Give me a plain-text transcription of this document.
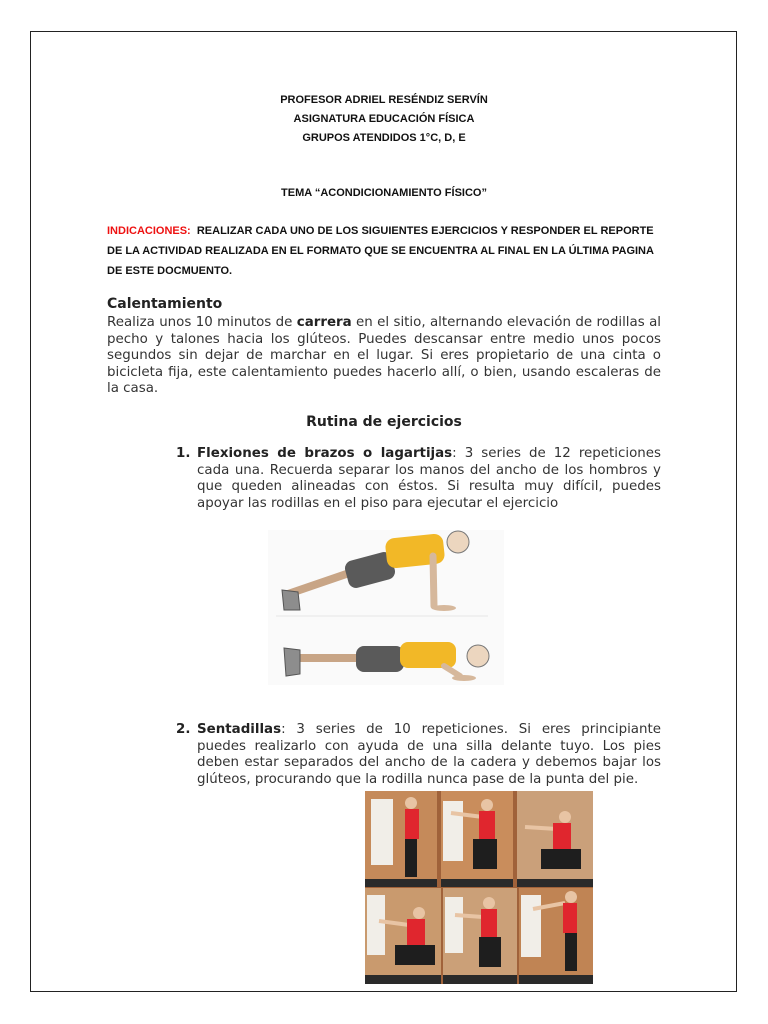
PROFESOR ADRIEL RESÉNDIZ SERVÍN
ASIGNATURA EDUCACIÓN FÍSICA
GRUPOS ATENDIDOS 1°C, D, E
TEMA “ACONDICIONAMIENTO FÍSICO”
INDICACIONES: REALIZAR CADA UNO DE LOS SIGUIENTES EJERCICIOS Y RESPONDER EL REPORTE DE LA ACTIVIDAD REALIZADA EN EL FORMATO QUE SE ENCUENTRA AL FINAL EN LA ÚLTIMA PAGINA DE ESTE DOCMUENTO.
Calentamiento
Realiza unos 10 minutos de carrera en el sitio, alternando elevación de rodillas al pecho y talones hacia los glúteos. Puedes descansar entre medio unos pocos segundos sin dejar de marchar en el lugar. Si eres propietario de una cinta o bicicleta fija, este calentamiento puedes hacerlo allí, o bien, usando escaleras de la casa.
Rutina de ejercicios
1. Flexiones de brazos o lagartijas: 3 series de 12 repeticiones cada una. Recuerda separar los manos del ancho de los hombros y que queden alineadas con éstos. Si resulta muy difícil, puedes apoyar las rodillas en el piso para ejecutar el ejercicio
2. Sentadillas: 3 series de 10 repeticiones. Si eres principiante puedes realizarlo con ayuda de una silla delante tuyo. Los pies deben estar separados del ancho de la cadera y debemos bajar los glúteos, procurando que la rodilla nunca pase de la punta del pie.
